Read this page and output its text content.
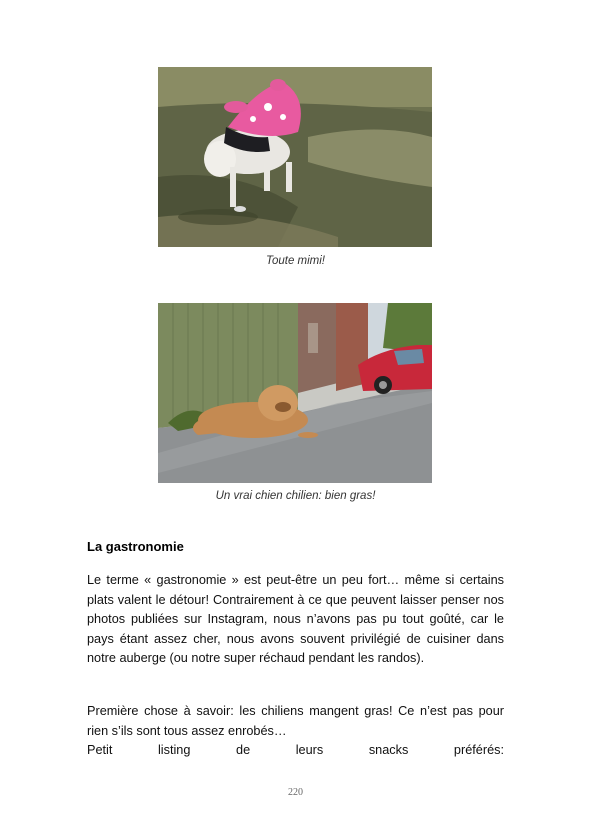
Toute mimi!
Un vrai chien chilien: bien gras!
La gastronomie

Le terme « gastronomie » est peut-être un peu fort… même si certains plats valent le détour! Contrairement à ce que peuvent laisser penser nos photos publiées sur Instagram, nous n’avons pas pu tout goûté, car le pays étant assez cher, nous avons souvent privilégié de cuisiner dans notre auberge (ou notre super réchaud pendant les randos).

Première chose à savoir: les chiliens mangent gras! Ce n’est pas pour rien s’ils sont tous assez enrobés…
Petit listing de leurs snacks préférés:

220
